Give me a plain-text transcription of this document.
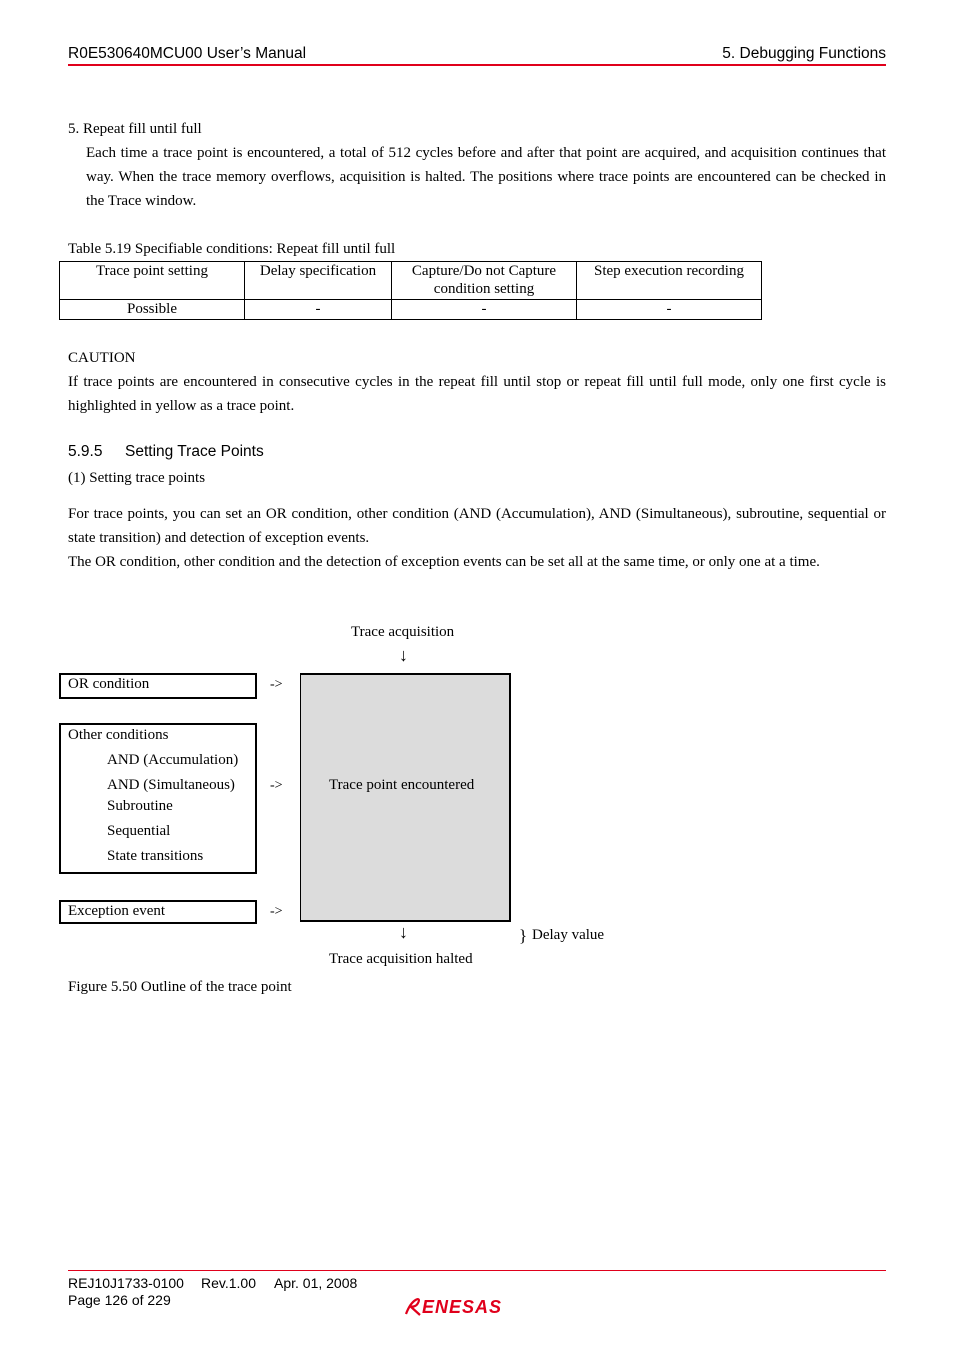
R0E530640MCU00 User’s Manual	5. Debugging Functions
5. Repeat fill until full
Each time a trace point is encountered, a total of 512 cycles before and after that point are acquired, and acquisition continues that way. When the trace memory overflows, acquisition is halted. The positions where trace points are encountered can be checked in the Trace window.
Table 5.19 Specifiable conditions: Repeat fill until full
Trace point setting	Delay specification	Capture/Do not Capture condition setting	Step execution recording
Possible	-	-	-
CAUTION
If trace points are encountered in consecutive cycles in the repeat fill until stop or repeat fill until full mode, only one first cycle is highlighted in yellow as a trace point.
5.9.5 Setting Trace Points
(1) Setting trace points
For trace points, you can set an OR condition, other condition (AND (Accumulation), AND (Simultaneous), subroutine, sequential or state transition) and detection of exception events.
The OR condition, other condition and the detection of exception events can be set all at the same time, or only one at a time.
Trace acquisition
↓
OR condition	->
Other conditions
AND (Accumulation)
AND (Simultaneous)
Subroutine
Sequential
State transitions
->
Exception event	->
Trace point encountered
↓	} Delay value
Trace acquisition halted
Figure 5.50 Outline of the trace point
REJ10J1733-0100 Rev.1.00 Apr. 01, 2008
Page 126 of 229	ENESAS
